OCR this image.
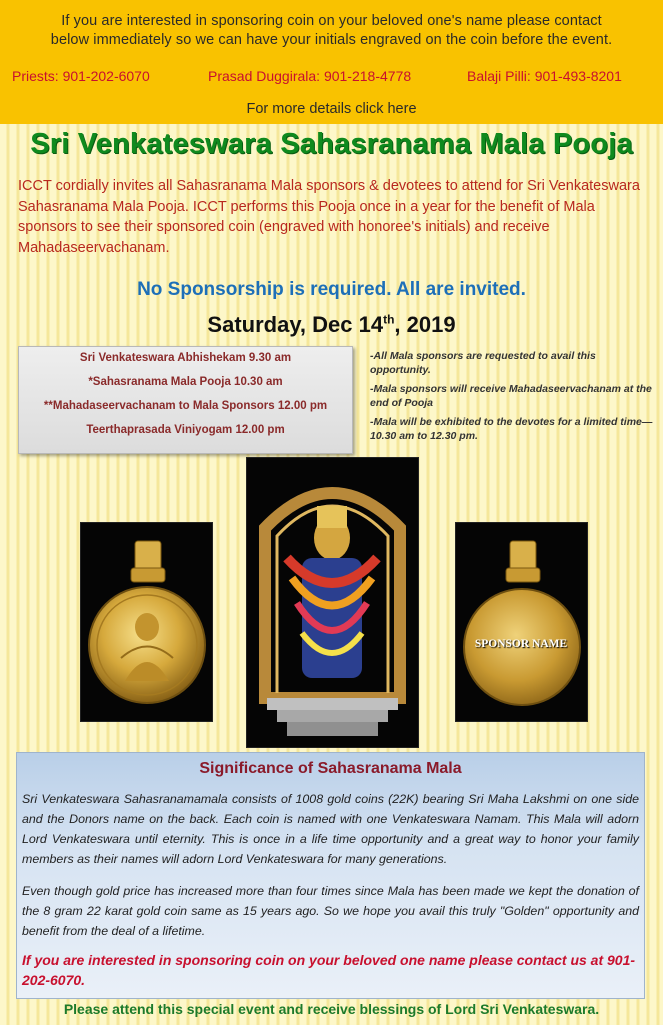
If you are interested in sponsoring coin on your beloved one's name please contact
below immediately so we can have your initials engraved on the coin before the event.
Priests: 901-202-6070	Prasad Duggirala: 901-218-4778	Balaji Pilli: 901-493-8201
For more details click here
Sri Venkateswara Sahasranama Mala Pooja
ICCT cordially invites all Sahasranama Mala sponsors & devotees to attend for Sri Venkateswara Sahasranama Mala Pooja. ICCT performs this Pooja once in a year for the benefit of Mala sponsors to see their sponsored coin (engraved with honoree's initials) and receive Mahadaseervachanam.
No Sponsorship is required. All are invited.
Saturday, Dec 14th, 2019
Sri Venkateswara Abhishekam 9.30 am
*Sahasranama Mala Pooja 10.30 am
**Mahadaseervachanam to Mala Sponsors 12.00 pm
Teerthaprasada Viniyogam 12.00 pm

-All Mala sponsors are requested to avail this opportunity.

-Mala sponsors will receive Mahadaseervachanam at the end of Pooja

-Mala will be exhibited to the devotes for a limited time— 10.30 am to 12.30 pm.

SPONSOR NAME
Significance of Sahasranama Mala
Sri Venkateswara Sahasranamamala consists of 1008 gold coins (22K) bearing Sri Maha Lakshmi on one side and the Donors name on the back. Each coin is named with one Venkateswara Namam. This Mala will adorn Lord Venkateswara until eternity. This is once in a life time opportunity and a great way to honor your family members as their names will adorn Lord Venkateswara for many generations.
Even though gold price has increased more than four times since Mala has been made we kept the donation of the 8 gram 22 karat gold coin same as 15 years ago. So we hope you avail this truly "Golden" opportunity and benefit from the deal of a lifetime.
If you are interested in sponsoring coin on your beloved one name please contact us at 901-202-6070.
Please attend this special event and receive blessings of Lord Sri Venkateswara.
